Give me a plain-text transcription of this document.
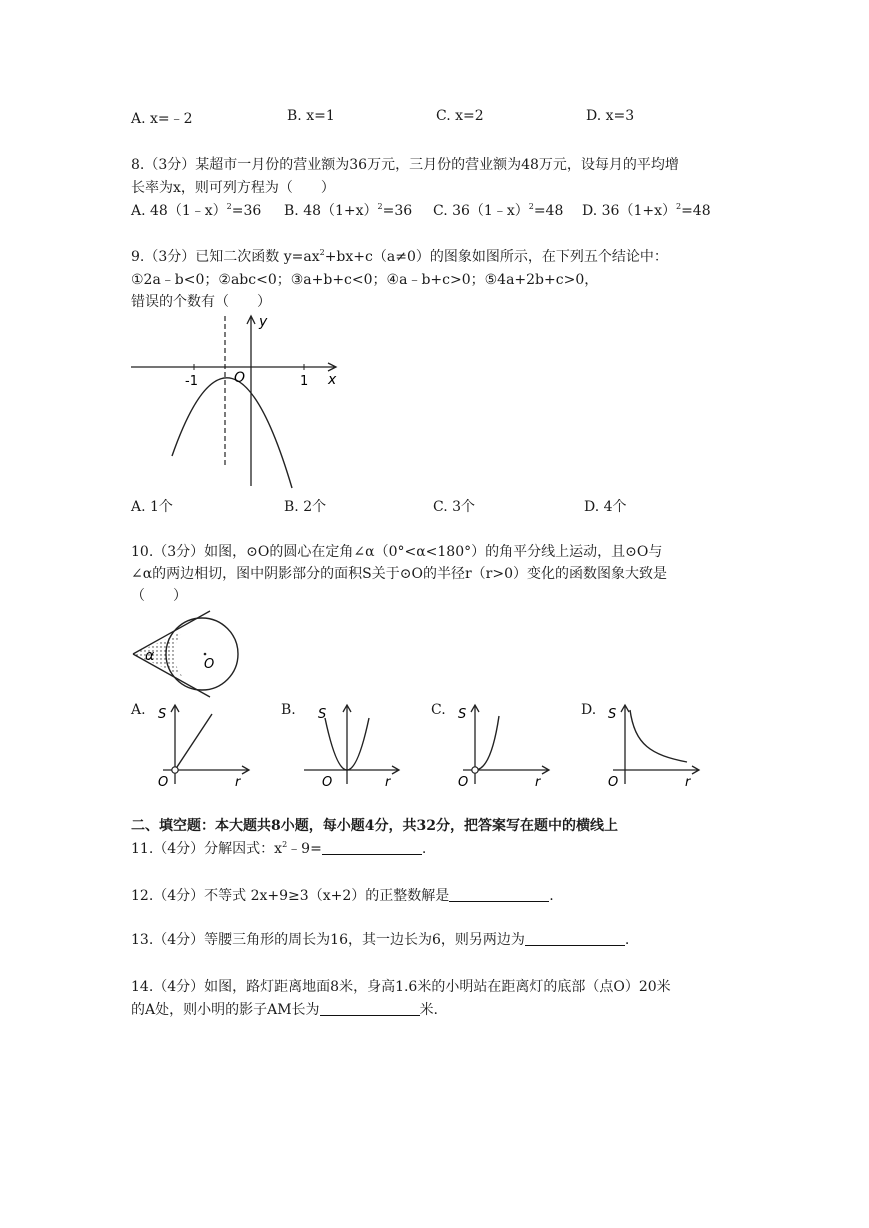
A. x=﹣2	B. x=1	C. x=2	D. x=3
8.（3分）某超市一月份的营业额为36万元，三月份的营业额为48万元，设每月的平均增
长率为x，则可列方程为（　　）
A. 48（1﹣x）$^2$=36 B. $48(1+x)^2=36$ C. 36（1﹣x）$^2$=48 D. $36(1+x)^2=48$
9.（3分）已知二次函数 $y=ax^2+bx+c(a\ne 0)$的图象如图所示，在下列五个结论中：
①2a﹣b<0；②abc<0；③a+b+c<0；④a﹣b+c>0；⑤4a+2b+c>0，
错误的个数有（　　）
y
x
O
-1	1
A. 1个	B. 2个	C. 3个	D. 4个
10.（3分）如图，⊙O的圆心在定角∠α（0°<α<180°）的角平分线上运动，且⊙O与
∠α的两边相切，图中阴影部分的面积S关于⊙O的半径r（r>0）变化的函数图象大致是
（　　）
α
O
A. S
O	r
B. S
O	r
C. S
O	r
D. S
O	r
二、填空题：本大题共8小题，每小题4分，共32分，把答案写在题中的横线上
11.（4分）分解因式：$x^2﹣9=$	.
12.（4分）不等式 2x+9≥3（x+2）的正整数解是	.
13.（4分）等腰三角形的周长为16，其一边长为6，则另两边为	.
14.（4分）如图，路灯距离地面8米，身高1.6米的小明站在距离灯的底部（点O）20米
的A处，则小明的影子AM长为	米.
